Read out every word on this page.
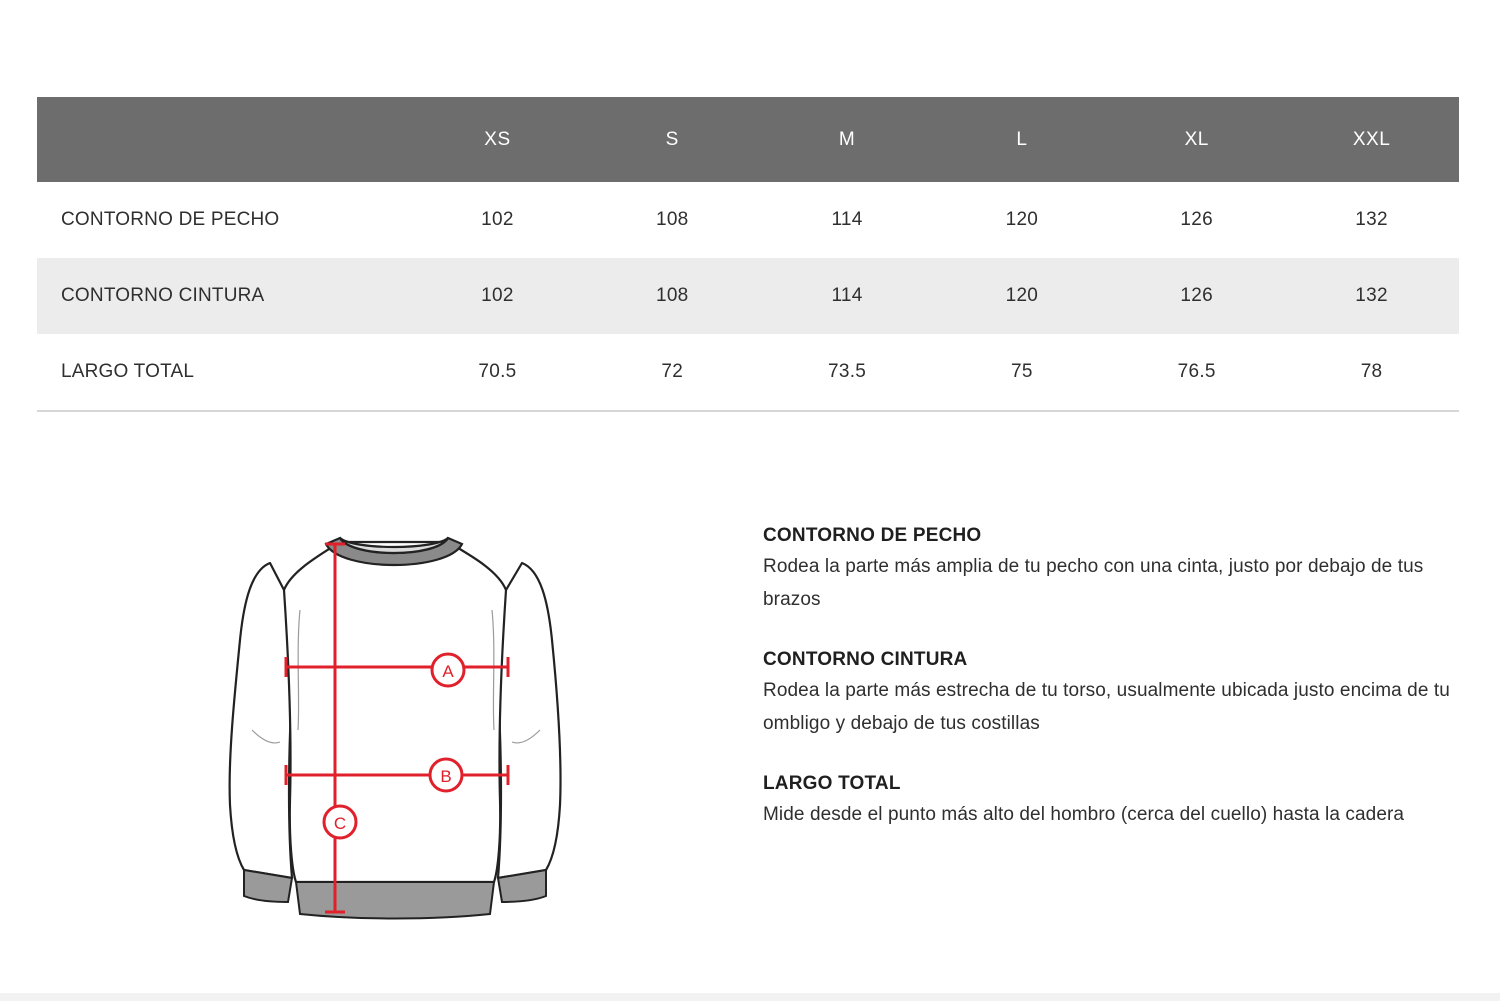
	XS	S	M	L	XL	XXL
CONTORNO DE PECHO	102	108	114	120	126	132
CONTORNO CINTURA	102	108	114	120	126	132
LARGO TOTAL	70.5	72	73.5	75	76.5	78
A
B
C
CONTORNO DE PECHO
Rodea la parte más amplia de tu pecho con una cinta, justo por debajo de tus brazos
CONTORNO CINTURA
Rodea la parte más estrecha de tu torso, usualmente ubicada justo encima de tu ombligo y debajo de tus costillas
LARGO TOTAL
Mide desde el punto más alto del hombro (cerca del cuello) hasta la cadera
